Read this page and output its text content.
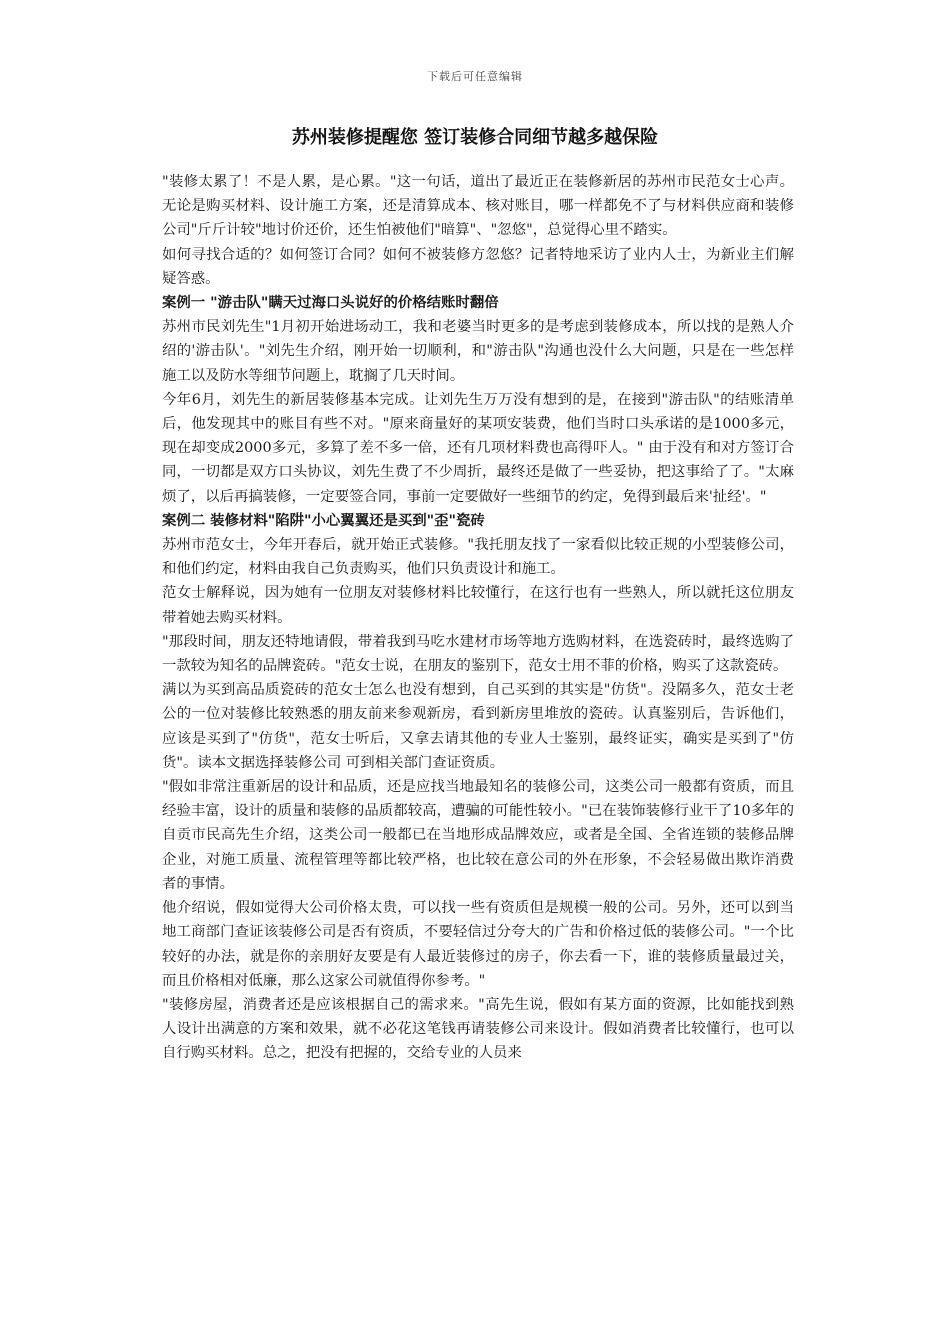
下载后可任意编辑
苏州装修提醒您 签订装修合同细节越多越保险

"装修太累了！不是人累，是心累。"这一句话，道出了最近正在装修新居的苏州市民范女士心声。无论是购买材料、设计施工方案，还是清算成本、核对账目，哪一样都免不了与材料供应商和装修公司"斤斤计较"地讨价还价，还生怕被他们"暗算"、"忽悠"，总觉得心里不踏实。

如何寻找合适的？如何签订合同？如何不被装修方忽悠？记者特地采访了业内人士，为新业主们解疑答惑。

案例一 "游击队"瞒天过海口头说好的价格结账时翻倍

苏州市民刘先生"1月初开始进场动工，我和老婆当时更多的是考虑到装修成本，所以找的是熟人介绍的'游击队'。"刘先生介绍，刚开始一切顺利，和"游击队"沟通也没什么大问题，只是在一些怎样施工以及防水等细节问题上，耽搁了几天时间。

今年6月，刘先生的新居装修基本完成。让刘先生万万没有想到的是，在接到"游击队"的结账清单后，他发现其中的账目有些不对。"原来商量好的某项安装费，他们当时口头承诺的是1000多元，现在却变成2000多元，多算了差不多一倍，还有几项材料费也高得吓人。" 由于没有和对方签订合同，一切都是双方口头协议，刘先生费了不少周折，最终还是做了一些妥协，把这事给了了。"太麻烦了，以后再搞装修，一定要签合同，事前一定要做好一些细节的约定，免得到最后来'扯经'。"

案例二 装修材料"陷阱"小心翼翼还是买到"歪"瓷砖

苏州市范女士，今年开春后，就开始正式装修。"我托朋友找了一家看似比较正规的小型装修公司，和他们约定，材料由我自己负责购买，他们只负责设计和施工。

范女士解释说，因为她有一位朋友对装修材料比较懂行，在这行也有一些熟人，所以就托这位朋友带着她去购买材料。

"那段时间，朋友还特地请假，带着我到马吃水建材市场等地方选购材料，在选瓷砖时，最终选购了一款较为知名的品牌瓷砖。"范女士说，在朋友的鉴别下，范女士用不菲的价格，购买了这款瓷砖。

满以为买到高品质瓷砖的范女士怎么也没有想到，自己买到的其实是"仿货"。没隔多久，范女士老公的一位对装修比较熟悉的朋友前来参观新房，看到新房里堆放的瓷砖。认真鉴别后，告诉他们，应该是买到了"仿货"，范女士听后，又拿去请其他的专业人士鉴别，最终证实，确实是买到了"仿货"。读本文据选择装修公司 可到相关部门查证资质。

"假如非常注重新居的设计和品质，还是应找当地最知名的装修公司，这类公司一般都有资质，而且经验丰富，设计的质量和装修的品质都较高，遭骗的可能性较小。"已在装饰装修行业干了10多年的自贡市民高先生介绍，这类公司一般都已在当地形成品牌效应，或者是全国、全省连锁的装修品牌企业，对施工质量、流程管理等都比较严格，也比较在意公司的外在形象，不会轻易做出欺诈消费者的事情。

他介绍说，假如觉得大公司价格太贵，可以找一些有资质但是规模一般的公司。另外，还可以到当地工商部门查证该装修公司是否有资质，不要轻信过分夸大的广告和价格过低的装修公司。"一个比较好的办法，就是你的亲朋好友要是有人最近装修过的房子，你去看一下，谁的装修质量最过关，而且价格相对低廉，那么这家公司就值得你参考。"

"装修房屋，消费者还是应该根据自己的需求来。"高先生说，假如有某方面的资源，比如能找到熟人设计出满意的方案和效果，就不必花这笔钱再请装修公司来设计。假如消费者比较懂行，也可以自行购买材料。总之，把没有把握的，交给专业的人员来
